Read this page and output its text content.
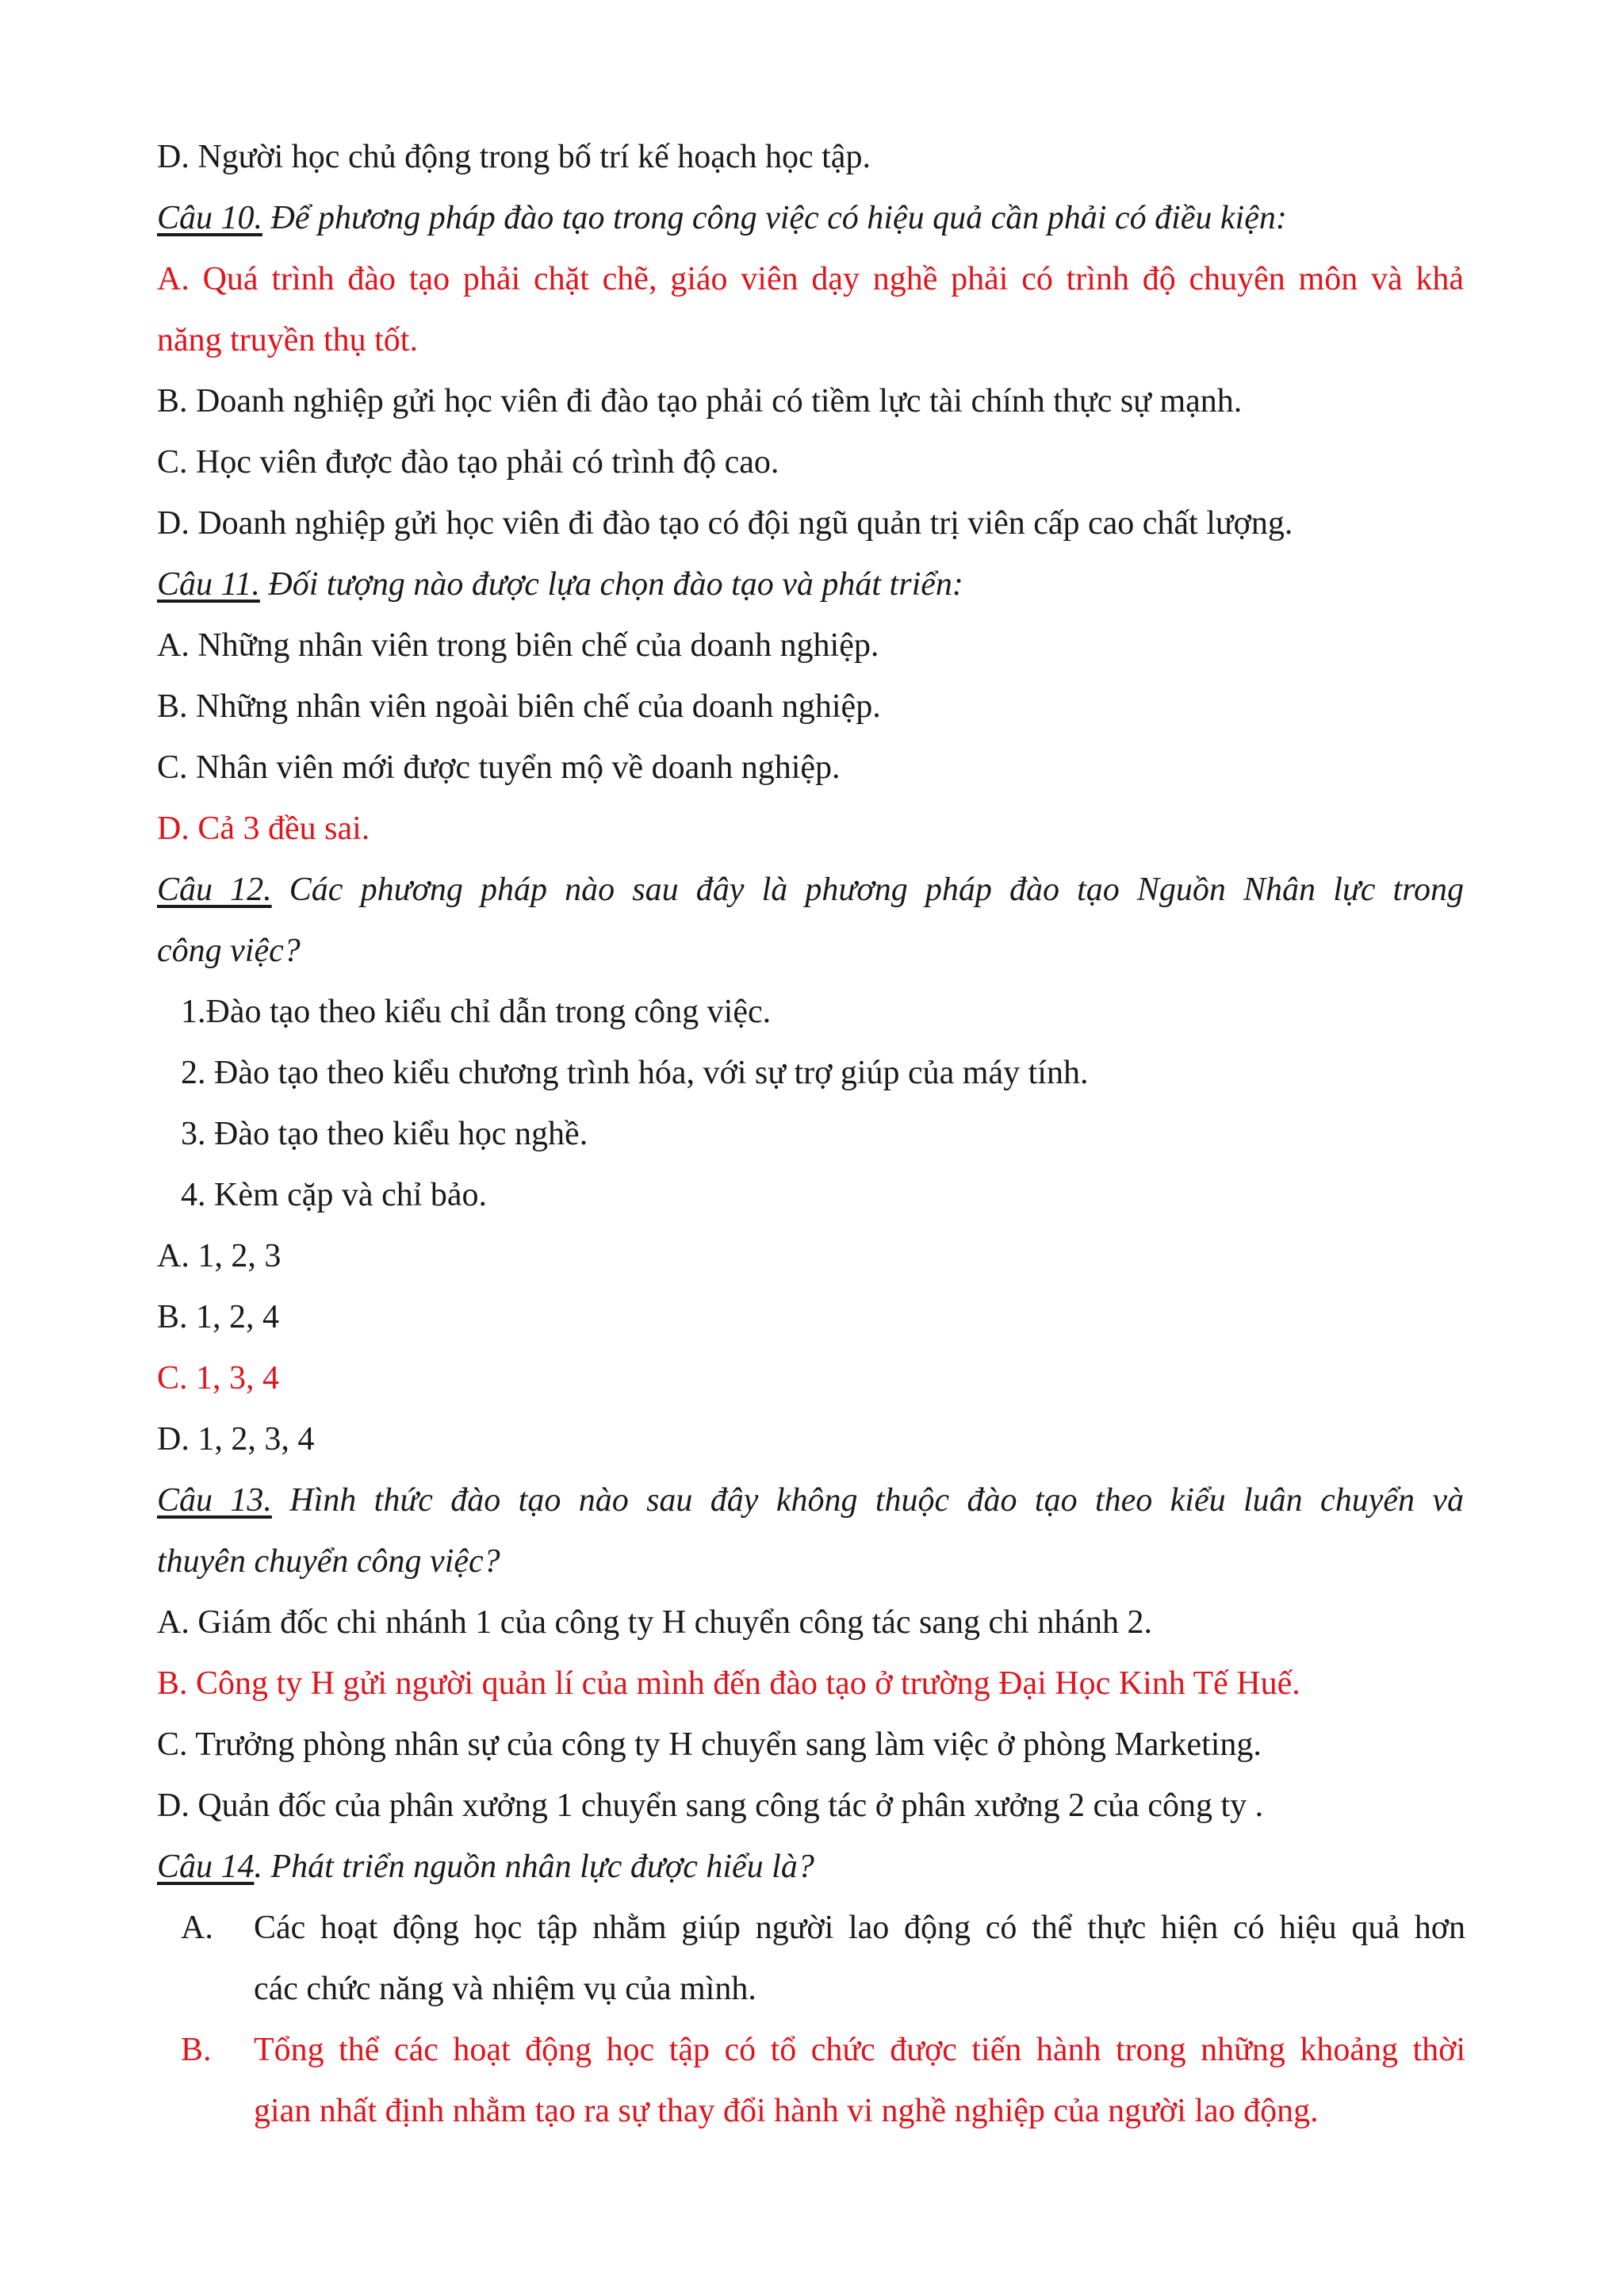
D. Người học chủ động trong bố trí kế hoạch học tập.
Câu 10. Để phương pháp đào tạo trong công việc có hiệu quả cần phải có điều kiện:
A. Quá trình đào tạo phải chặt chẽ, giáo viên dạy nghề phải có trình độ chuyên môn và khả
năng truyền thụ tốt.
B. Doanh nghiệp gửi học viên đi đào tạo phải có tiềm lực tài chính thực sự mạnh.
C. Học viên được đào tạo phải có trình độ cao.
D. Doanh nghiệp gửi học viên đi đào tạo có đội ngũ quản trị viên cấp cao chất lượng.
Câu 11. Đối tượng nào được lựa chọn đào tạo và phát triển:
A. Những nhân viên trong biên chế của doanh nghiệp.
B. Những nhân viên ngoài biên chế của doanh nghiệp.
C. Nhân viên mới được tuyển mộ về doanh nghiệp.
D. Cả 3 đều sai.
Câu 12. Các phương pháp nào sau đây là phương pháp đào tạo Nguồn Nhân lực trong
công việc?
1.Đào tạo theo kiểu chỉ dẫn trong công việc.
2. Đào tạo theo kiểu chương trình hóa, với sự trợ giúp của máy tính.
3. Đào tạo theo kiểu học nghề.
4. Kèm cặp và chỉ bảo.
A. 1, 2, 3
B. 1, 2, 4
C. 1, 3, 4
D. 1, 2, 3, 4
Câu 13. Hình thức đào tạo nào sau đây không thuộc đào tạo theo kiểu luân chuyển và
thuyên chuyển công việc?
A. Giám đốc chi nhánh 1 của công ty H chuyển công tác sang chi nhánh 2.
B. Công ty H gửi người quản lí của mình đến đào tạo ở trường Đại Học Kinh Tế Huế.
C. Trưởng phòng nhân sự của công ty H chuyển sang làm việc ở phòng Marketing.
D. Quản đốc của phân xưởng 1 chuyển sang công tác ở phân xưởng 2 của công ty .
Câu 14. Phát triển nguồn nhân lực được hiểu là?
A. Các hoạt động học tập nhằm giúp người lao động có thể thực hiện có hiệu quả hơn
các chức năng và nhiệm vụ của mình.
B. Tổng thể các hoạt động học tập có tổ chức được tiến hành trong những khoảng thời
gian nhất định nhằm tạo ra sự thay đổi hành vi nghề nghiệp của người lao động.
